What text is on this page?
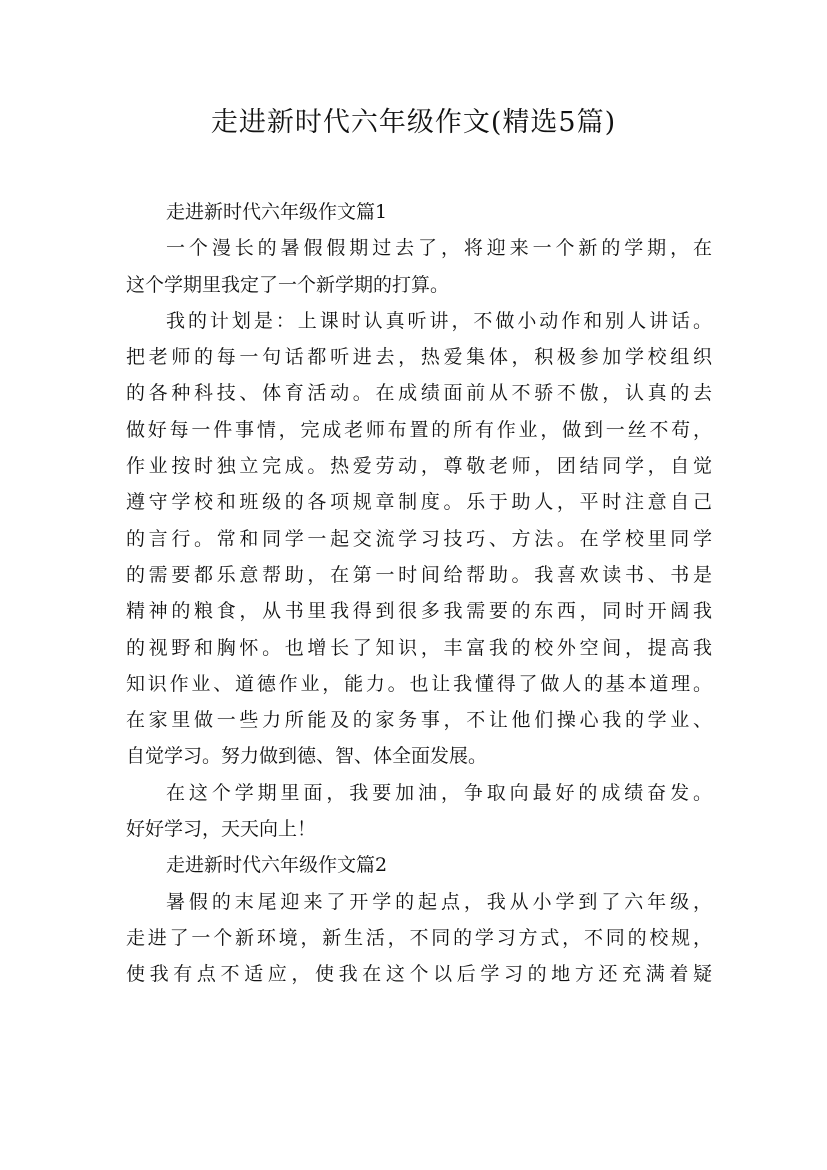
走进新时代六年级作文(精选5篇)
走进新时代六年级作文篇1
一个漫长的暑假假期过去了，将迎来一个新的学期，在
这个学期里我定了一个新学期的打算。
我的计划是：上课时认真听讲，不做小动作和别人讲话。
把老师的每一句话都听进去，热爱集体，积极参加学校组织
的各种科技、体育活动。在成绩面前从不骄不傲，认真的去
做好每一件事情，完成老师布置的所有作业，做到一丝不苟，
作业按时独立完成。热爱劳动，尊敬老师，团结同学，自觉
遵守学校和班级的各项规章制度。乐于助人，平时注意自己
的言行。常和同学一起交流学习技巧、方法。在学校里同学
的需要都乐意帮助，在第一时间给帮助。我喜欢读书、书是
精神的粮食，从书里我得到很多我需要的东西，同时开阔我
的视野和胸怀。也增长了知识，丰富我的校外空间，提高我
知识作业、道德作业，能力。也让我懂得了做人的基本道理。
在家里做一些力所能及的家务事，不让他们操心我的学业、
自觉学习。努力做到德、智、体全面发展。
在这个学期里面，我要加油，争取向最好的成绩奋发。
好好学习，天天向上！
走进新时代六年级作文篇2
暑假的末尾迎来了开学的起点，我从小学到了六年级，
走进了一个新环境，新生活，不同的学习方式，不同的校规，
使我有点不适应，使我在这个以后学习的地方还充满着疑
